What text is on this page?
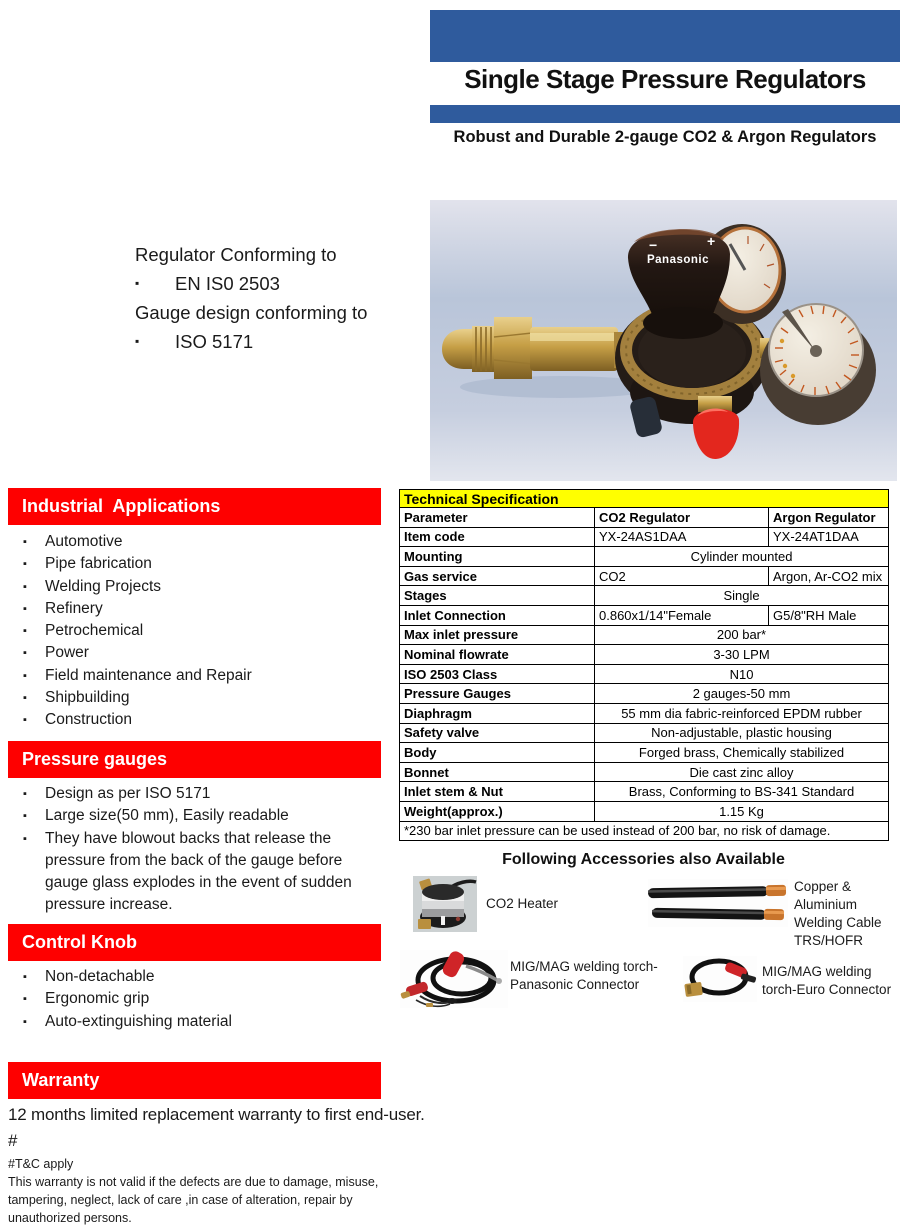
Single Stage Pressure Regulators
Robust and Durable 2-gauge CO2 & Argon Regulators
Regulator Conforming to
▪ EN IS0 2503
Gauge design conforming to
▪ ISO 5171
−	+
Panasonic
Industrial  Applications
▪ Automotive
▪ Pipe fabrication
▪ Welding Projects
▪ Refinery
▪ Petrochemical
▪ Power
▪ Field maintenance and Repair
▪ Shipbuilding
▪ Construction
Pressure gauges
▪ Design as per ISO 5171
▪ Large size(50 mm), Easily readable
▪ They have blowout backs that release the pressure from the back of the gauge before gauge glass explodes in the event of sudden pressure increase.
Control Knob
▪ Non-detachable
▪ Ergonomic grip
▪ Auto-extinguishing material
Warranty
12 months limited replacement warranty to first end-user. #
#T&C apply
This warranty is not valid if the defects are due to damage, misuse, tampering, neglect, lack of care ,in case of alteration, repair by unauthorized persons.
Technical Specification		
Parameter	CO2 Regulator	Argon Regulator
Item code	YX-24AS1DAA	YX-24AT1DAA
Mounting	Cylinder mounted	
Gas service	CO2	Argon, Ar-CO2 mix
Stages	Single	
Inlet Connection	0.860x1/14"Female	G5/8"RH Male
Max inlet pressure	200 bar*	
Nominal flowrate	3-30 LPM	
ISO 2503 Class	N10	
Pressure Gauges	2 gauges-50 mm	
Diaphragm	55 mm dia fabric-reinforced EPDM rubber	
Safety valve	Non-adjustable, plastic housing	
Body	Forged brass, Chemically stabilized	
Bonnet	Die cast zinc alloy	
Inlet stem & Nut	Brass, Conforming to BS-341 Standard	
Weight(approx.)	1.15 Kg	
*230 bar inlet pressure can be used instead of 200 bar, no risk of damage.		
Following Accessories also Available
CO2 Heater
Copper & Aluminium Welding Cable TRS/HOFR
MIG/MAG welding torch- Panasonic Connector
MIG/MAG welding torch-Euro Connector
